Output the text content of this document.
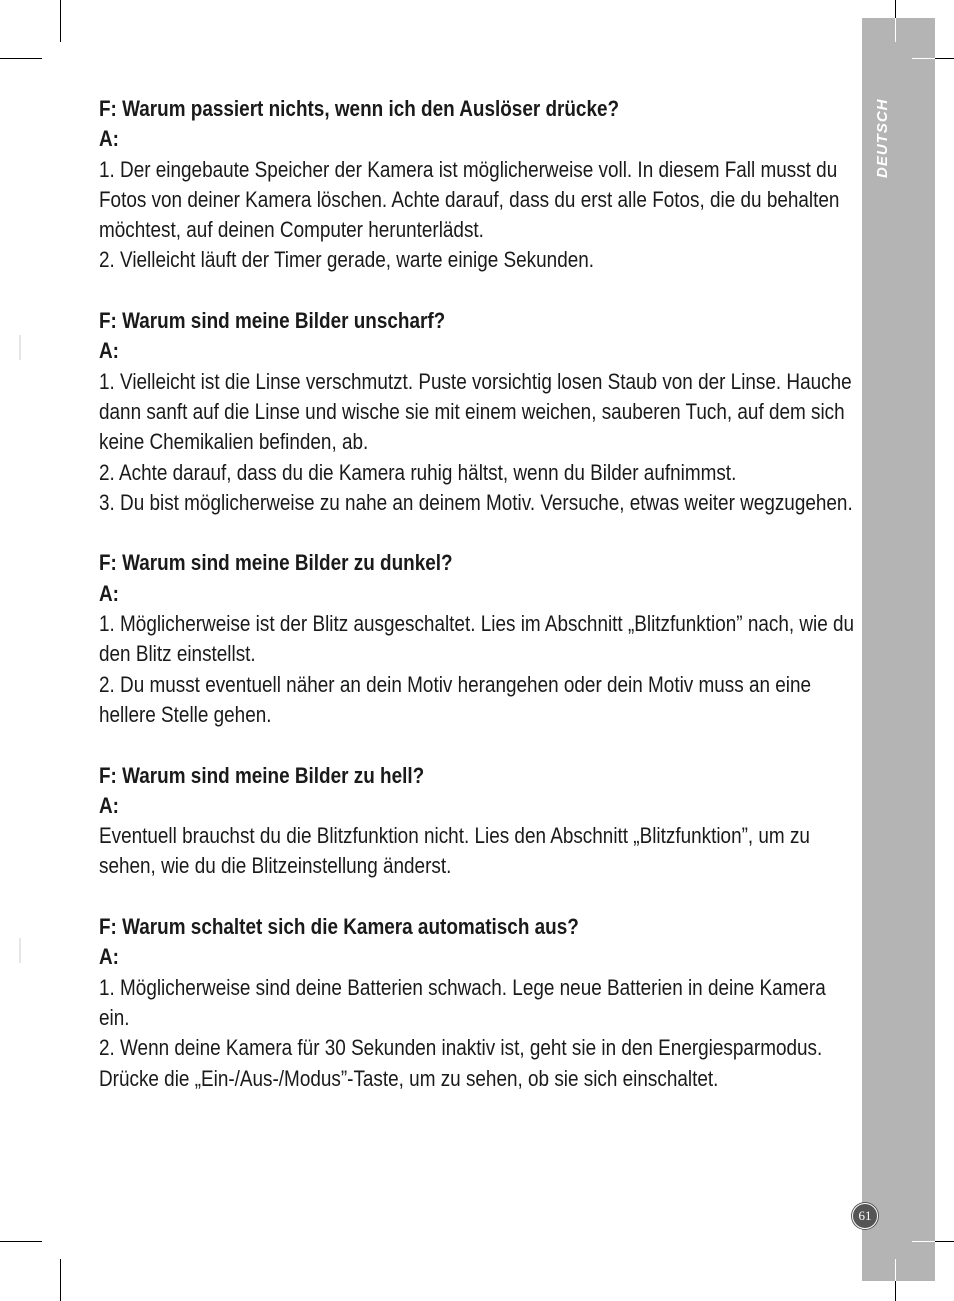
DEUTSCH

F: Warum passiert nichts, wenn ich den Auslöser drücke?

A:

1. Der eingebaute Speicher der Kamera ist möglicherweise voll. In diesem Fall musst du Fotos von deiner Kamera löschen. Achte darauf, dass du erst alle Fotos, die du behalten möchtest, auf deinen Computer herunterlädst.

2. Vielleicht läuft der Timer gerade, warte einige Sekunden.

F: Warum sind meine Bilder unscharf?

A:

1. Vielleicht ist die Linse verschmutzt. Puste vorsichtig losen Staub von der Linse. Hauche dann sanft auf die Linse und wische sie mit einem weichen, sauberen Tuch, auf dem sich keine Chemikalien befinden, ab.

2. Achte darauf, dass du die Kamera ruhig hältst, wenn du Bilder aufnimmst.

3. Du bist möglicherweise zu nahe an deinem Motiv. Versuche, etwas weiter wegzugehen.

F: Warum sind meine Bilder zu dunkel?

A:

1. Möglicherweise ist der Blitz ausgeschaltet. Lies im Abschnitt „Blitzfunktion” nach, wie du den Blitz einstellst.

2. Du musst eventuell näher an dein Motiv herangehen oder dein Motiv muss an eine hellere Stelle gehen.

F: Warum sind meine Bilder zu hell?

A:

Eventuell brauchst du die Blitzfunktion nicht. Lies den Abschnitt „Blitzfunktion”, um zu sehen, wie du die Blitzeinstellung änderst.

F: Warum schaltet sich die Kamera automatisch aus?

A:

1. Möglicherweise sind deine Batterien schwach. Lege neue Batterien in deine Kamera ein.

2. Wenn deine Kamera für 30 Sekunden inaktiv ist, geht sie in den Energiesparmodus. Drücke die „Ein-/Aus-/Modus”-Taste, um zu sehen, ob sie sich einschaltet.

61
